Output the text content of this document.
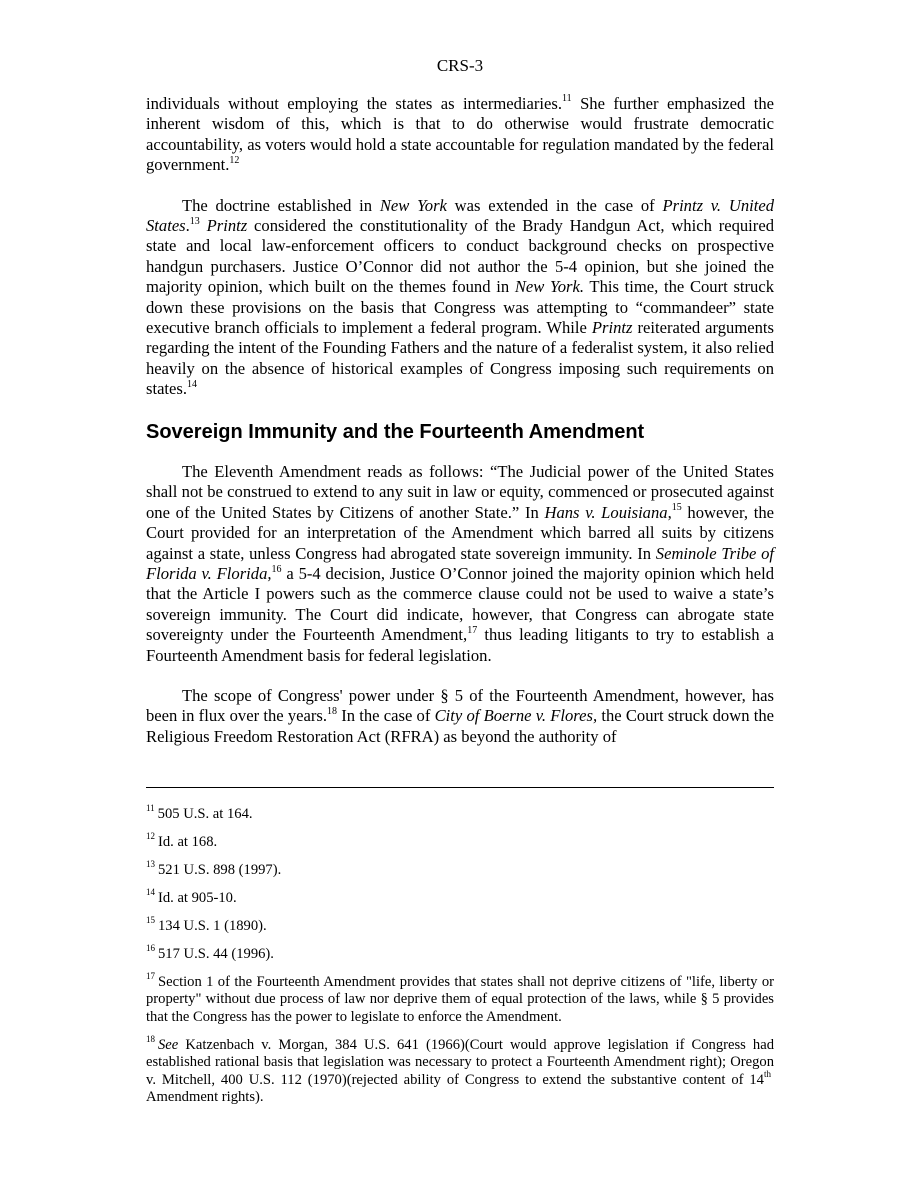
CRS-3

individuals without employing the states as intermediaries.$^{11}$ She further emphasized the inherent wisdom of this, which is that to do otherwise would frustrate democratic accountability, as voters would hold a state accountable for regulation mandated by the federal government.$^{12}$

The doctrine established in New York was extended in the case of Printz v. United States.$^{13}$ Printz considered the constitutionality of the Brady Handgun Act, which required state and local law-enforcement officers to conduct background checks on prospective handgun purchasers. Justice O’Connor did not author the 5-4 opinion, but she joined the majority opinion, which built on the themes found in New York. This time, the Court struck down these provisions on the basis that Congress was attempting to “commandeer” state executive branch officials to implement a federal program. While Printz reiterated arguments regarding the intent of the Founding Fathers and the nature of a federalist system, it also relied heavily on the absence of historical examples of Congress imposing such requirements on states.$^{14}$

Sovereign Immunity and the Fourteenth Amendment

The Eleventh Amendment reads as follows: “The Judicial power of the United States shall not be construed to extend to any suit in law or equity, commenced or prosecuted against one of the United States by Citizens of another State.” In Hans v. Louisiana,$^{15}$ however, the Court provided for an interpretation of the Amendment which barred all suits by citizens against a state, unless Congress had abrogated state sovereign immunity. In Seminole Tribe of Florida v. Florida,$^{16}$ a 5-4 decision, Justice O’Connor joined the majority opinion which held that the Article I powers such as the commerce clause could not be used to waive a state’s sovereign immunity. The Court did indicate, however, that Congress can abrogate state sovereignty under the Fourteenth Amendment,$^{17}$ thus leading litigants to try to establish a Fourteenth Amendment basis for federal legislation.

The scope of Congress' power under § 5 of the Fourteenth Amendment, however, has been in flux over the years.$^{18}$ In the case of City of Boerne v. Flores, the Court struck down the Religious Freedom Restoration Act (RFRA) as beyond the authority of

$^{11}$ 505 U.S. at 164.

$^{12}$ Id. at 168.

$^{13}$ 521 U.S. 898 (1997).

$^{14}$ Id. at 905-10.

$^{15}$ 134 U.S. 1 (1890).

$^{16}$ 517 U.S. 44 (1996).

$^{17}$ Section 1 of the Fourteenth Amendment provides that states shall not deprive citizens of "life, liberty or property" without due process of law nor deprive them of equal protection of the laws, while § 5 provides that the Congress has the power to legislate to enforce the Amendment.

$^{18}$ See Katzenbach v. Morgan, 384 U.S. 641 (1966)(Court would approve legislation if Congress had established rational basis that legislation was necessary to protect a Fourteenth Amendment right); Oregon v. Mitchell, 400 U.S. 112 (1970)(rejected ability of Congress to extend the substantive content of 14th Amendment rights).
